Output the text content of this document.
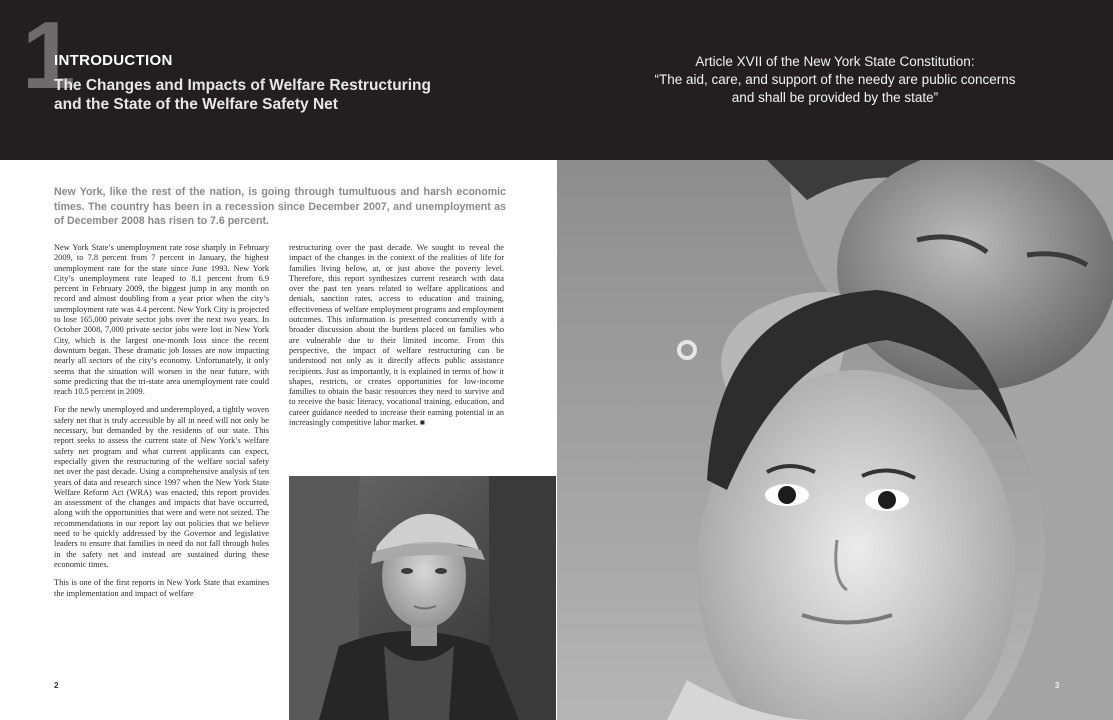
1
INTRODUCTION
The Changes and Impacts of Welfare Restructuring
and the State of the Welfare Safety Net
Article XVII of the New York State Constitution:
“The aid, care, and support of the needy are public concerns
and shall be provided by the state”
New York, like the rest of the nation, is going through tumultuous and harsh economic times. The country has been in a recession since December 2007, and unemployment as of December 2008 has risen to 7.6 percent.

New York State’s unemployment rate rose sharply in February 2009, to 7.8 percent from 7 percent in January, the highest unemployment rate for the state since June 1993. New York City’s unemployment rate leaped to 8.1 percent from 6.9 percent in February 2009, the biggest jump in any month on record and almost doubling from a year prior when the city’s unemployment rate was 4.4 percent. New York City is projected to lose 165,000 private sector jobs over the next two years. In October 2008, 7,000 private sector jobs were lost in New York City, which is the largest one-month loss since the recent downturn began. These dramatic job losses are now impacting nearly all sectors of the city’s economy. Unfortunately, it only seems that the situation will worsen in the near future, with some predicting that the tri-state area unemployment rate could reach 10.5 percent in 2009.

For the newly unemployed and underemployed, a tightly woven safety net that is truly accessible by all in need will not only be necessary, but demanded by the residents of our state. This report seeks to assess the current state of New York’s welfare safety net program and what current applicants can expect, especially given the restructuring of the welfare social safety net over the past decade. Using a comprehensive analysis of ten years of data and research since 1997 when the New York State Welfare Reform Act (WRA) was enacted, this report provides an assessment of the changes and impacts that have occurred, along with the opportunities that were and were not seized. The recommendations in our report lay out policies that we believe need to be quickly addressed by the Governor and legislative leaders to ensure that families in need do not fall through holes in the safety net and instead are sustained during these economic times.

This is one of the first reports in New York State that examines the implementation and impact of welfare

restructuring over the past decade. We sought to reveal the impact of the changes in the context of the realities of life for families living below, at, or just above the poverty level. Therefore, this report synthesizes current research with data over the past ten years related to welfare applications and denials, sanction rates, access to education and training, effectiveness of welfare employment programs and employment outcomes. This information is presented concurrently with a broader discussion about the burdens placed on families who are vulnerable due to their limited income. From this perspective, the impact of welfare restructuring can be understood not only as it directly affects public assistance recipients. Just as importantly, it is explained in terms of how it shapes, restricts, or creates opportunities for low-income families to obtain the basic resources they need to survive and to receive the basic literacy, vocational training, education, and career guidance needed to increase their earning potential in an increasingly competitive labor market. ■

2	3
